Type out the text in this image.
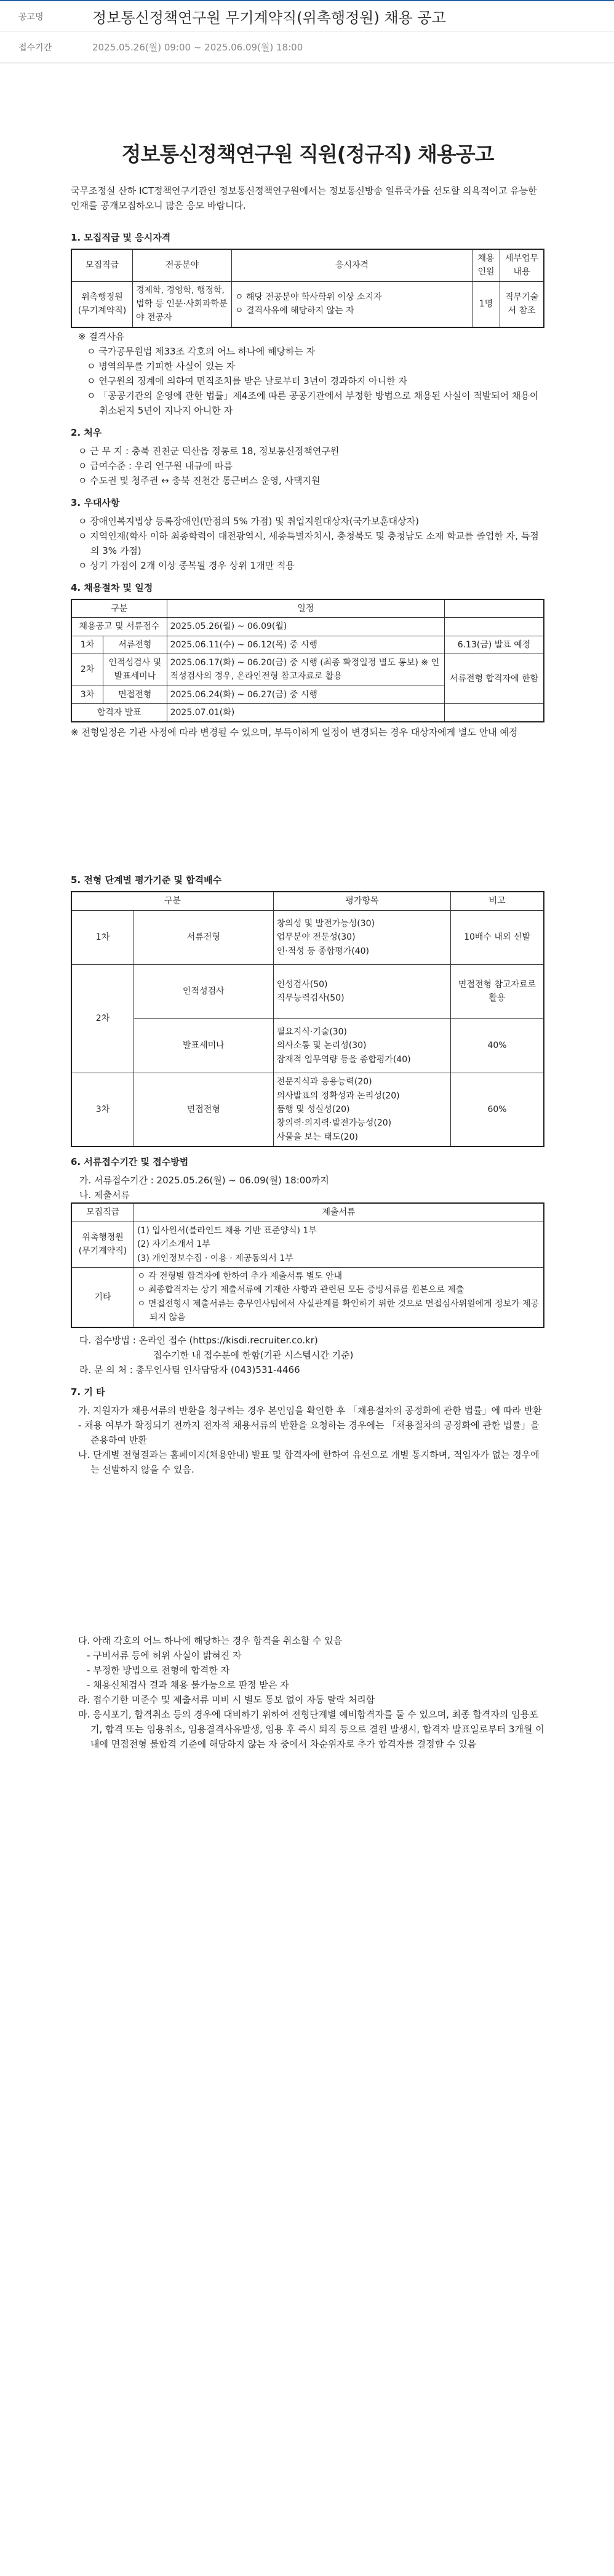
공고명	정보통신정책연구원 무기계약직(위촉행정원) 채용 공고
접수기간	2025.05.26(월) 09:00 ~ 2025.06.09(월) 18:00
정보통신정책연구원 직원(정규직) 채용공고

국무조정실 산하 ICT정책연구기관인 정보통신정책연구원에서는 정보통신방송 일류국가를 선도할 의욕적이고 유능한 인재를 공개모집하오니 많은 응모 바랍니다.

1. 모집직급 및 응시자격
모집직급	전공분야	응시자격	채용인원	세부업무내용
위촉행정원 (무기계약직)	경제학, 경영학, 행정학, 법학 등 인문·사회과학분야 전공자	ㅇ 해당 전공분야 학사학위 이상 소지자
ㅇ 결격사유에 해당하지 않는 자	1명	직무기술서 참조
※ 결격사유
ㅇ 국가공무원법 제33조 각호의 어느 하나에 해당하는 자
ㅇ 병역의무를 기피한 사실이 있는 자
ㅇ 연구원의 징계에 의하여 면직조치를 받은 날로부터 3년이 경과하지 아니한 자
ㅇ 「공공기관의 운영에 관한 법률」제4조에 따른 공공기관에서 부정한 방법으로 채용된 사실이 적발되어 채용이 취소된지 5년이 지나지 아니한 자
2. 처우
ㅇ 근 무 지 : 충북 진천군 덕산읍 정통로 18, 정보통신정책연구원
ㅇ 급여수준 : 우리 연구원 내규에 따름
ㅇ 수도권 및 청주권 ↔ 충북 진천간 통근버스 운영, 사택지원
3. 우대사항
ㅇ 장애인복지법상 등록장애인(만점의 5% 가점) 및 취업지원대상자(국가보훈대상자)
ㅇ 지역인재(학사 이하 최종학력이 대전광역시, 세종특별자치시, 충청북도 및 충청남도 소재 학교를 졸업한 자, 득점의 3% 가점)
ㅇ 상기 가점이 2개 이상 중복될 경우 상위 1개만 적용
4. 채용절차 및 일정
구분		일정	
채용공고 및 서류접수		2025.05.26(월) ~ 06.09(월)	
1차	서류전형	2025.06.11(수) ~ 06.12(목) 중 시행	6.13(금) 발표 예정
2차	인적성검사 및 발표세미나	2025.06.17(화) ~ 06.20(금) 중 시행 (최종 확정일정 별도 통보) ※ 인적성검사의 경우, 온라인전형 참고자료로 활용	서류전형 합격자에 한함
3차	면접전형	2025.06.24(화) ~ 06.27(금) 중 시행	
합격자 발표		2025.07.01(화)	
※ 전형일정은 기관 사정에 따라 변경될 수 있으며, 부득이하게 일정이 변경되는 경우 대상자에게 별도 안내 예정
5. 전형 단계별 평가기준 및 합격배수
구분		평가항목	비고
1차	서류전형	창의성 및 발전가능성(30)
업무분야 전문성(30)
인·적성 등 종합평가(40)	10배수 내외 선발
2차	인적성검사	인성검사(50)
직무능력검사(50)	면접전형 참고자료로 활용
	발표세미나	필요지식·기술(30)
의사소통 및 논리성(30)
잠재적 업무역량 등을 종합평가(40)	40%
3차	면접전형	전문지식과 응용능력(20)
의사발표의 정확성과 논리성(20)
품행 및 성실성(20)
창의력·의지력·발전가능성(20)
사물을 보는 태도(20)	60%
6. 서류접수기간 및 접수방법
가. 서류접수기간 : 2025.05.26(월) ~ 06.09(월) 18:00까지
나. 제출서류
모집직급	제출서류
위촉행정원 (무기계약직)	(1) 입사원서(블라인드 채용 기반 표준양식) 1부
(2) 자기소개서 1부
(3) 개인정보수집 · 이용 · 제공동의서 1부

기타	ㅇ 각 전형별 합격자에 한하여 추가 제출서류 별도 안내
ㅇ 최종합격자는 상기 제출서류에 기재한 사항과 관련된 모든 증빙서류를 원본으로 제출
ㅇ 면접전형시 제출서류는 총무인사팀에서 사실관계를 확인하기 위한 것으로 면접심사위원에게 정보가 제공되지 않음
다. 접수방법 : 온라인 접수 (https://kisdi.recruiter.co.kr)
접수기한 내 접수분에 한함(기관 시스템시간 기준)
라. 문 의 처 : 총무인사팀 인사담당자 (043)531-4466
7. 기 타
가. 지원자가 채용서류의 반환을 청구하는 경우 본인임을 확인한 후 「채용절차의 공정화에 관한 법률」에 따라 반환
- 채용 여부가 확정되기 전까지 전자적 채용서류의 반환을 요청하는 경우에는 「채용절차의 공정화에 관한 법률」을 준용하여 반환
나. 단계별 전형결과는 홈페이지(채용안내) 발표 및 합격자에 한하여 유선으로 개별 통지하며, 적임자가 없는 경우에는 선발하지 않을 수 있음.
다. 아래 각호의 어느 하나에 해당하는 경우 합격을 취소할 수 있음
- 구비서류 등에 허위 사실이 밝혀진 자
- 부정한 방법으로 전형에 합격한 자
- 채용신체검사 결과 채용 불가능으로 판정 받은 자
라. 접수기한 미준수 및 제출서류 미비 시 별도 통보 없이 자동 탈락 처리함
마. 응시포기, 합격취소 등의 경우에 대비하기 위하여 전형단계별 예비합격자를 둘 수 있으며, 최종 합격자의 임용포기, 합격 또는 임용취소, 임용결격사유발생, 임용 후 즉시 퇴직 등으로 결원 발생시, 합격자 발표일로부터 3개월 이내에 면접전형 불합격 기준에 해당하지 않는 자 중에서 차순위자로 추가 합격자를 결정할 수 있음
